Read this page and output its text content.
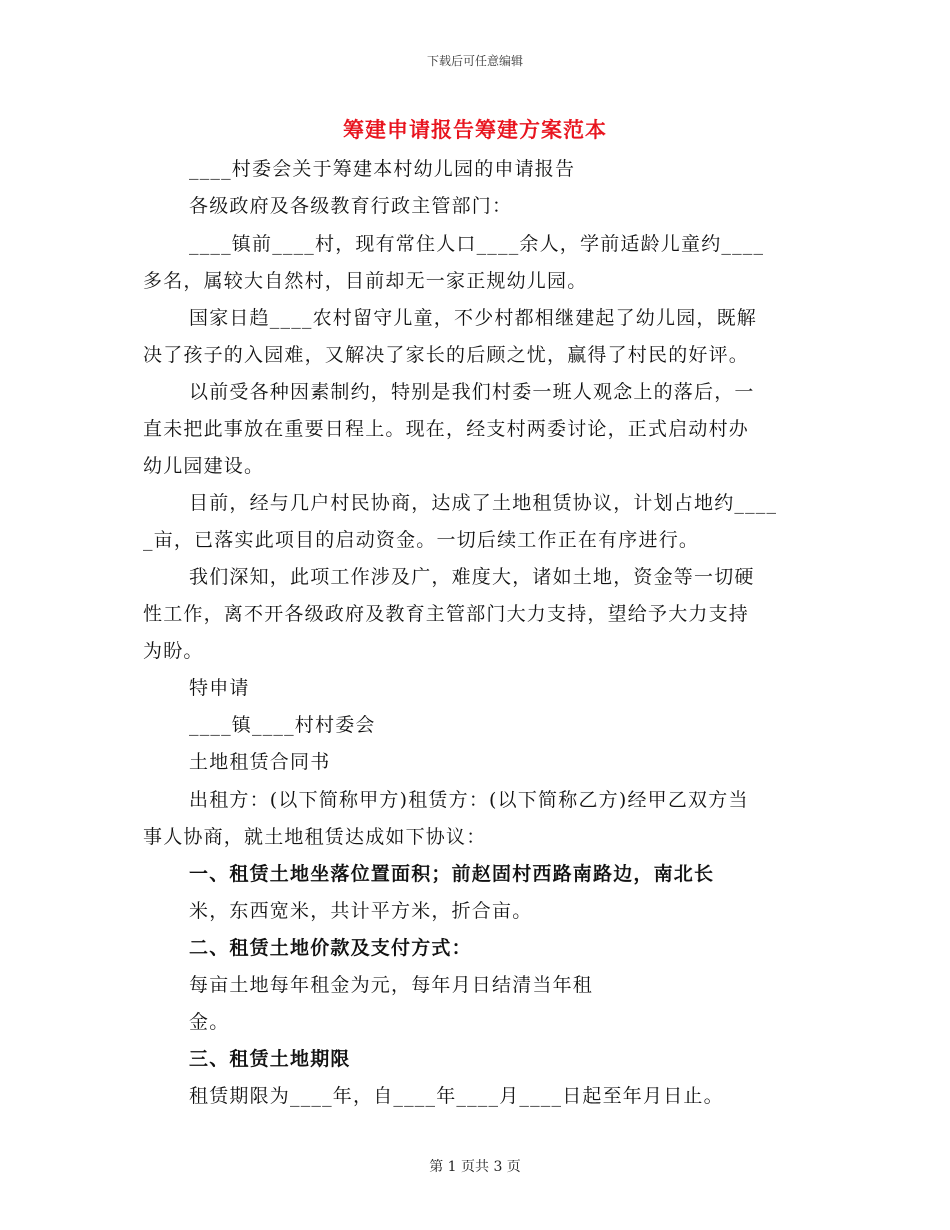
下载后可任意编辑
筹建申请报告筹建方案范本
____村委会关于筹建本村幼儿园的申请报告
各级政府及各级教育行政主管部门：
____镇前____村，现有常住人口____余人，学前适龄儿童约____
多名，属较大自然村，目前却无一家正规幼儿园。
国家日趋____农村留守儿童，不少村都相继建起了幼儿园，既解
决了孩子的入园难，又解决了家长的后顾之忧，赢得了村民的好评。
以前受各种因素制约，特别是我们村委一班人观念上的落后，一
直未把此事放在重要日程上。现在，经支村两委讨论，正式启动村办
幼儿园建设。
目前，经与几户村民协商，达成了土地租赁协议，计划占地约____
_亩，已落实此项目的启动资金。一切后续工作正在有序进行。
我们深知，此项工作涉及广，难度大，诸如土地，资金等一切硬
性工作，离不开各级政府及教育主管部门大力支持，望给予大力支持
为盼。
特申请
____镇____村村委会
土地租赁合同书
出租方：(以下简称甲方)租赁方：(以下简称乙方)经甲乙双方当
事人协商，就土地租赁达成如下协议：
一、租赁土地坐落位置面积；前赵固村西路南路边，南北长
米，东西宽米，共计平方米，折合亩。
二、租赁土地价款及支付方式：
每亩土地每年租金为元，每年月日结清当年租
金。
三、租赁土地期限
租赁期限为____年，自____年____月____日起至年月日止。
第 1 页共 3 页
